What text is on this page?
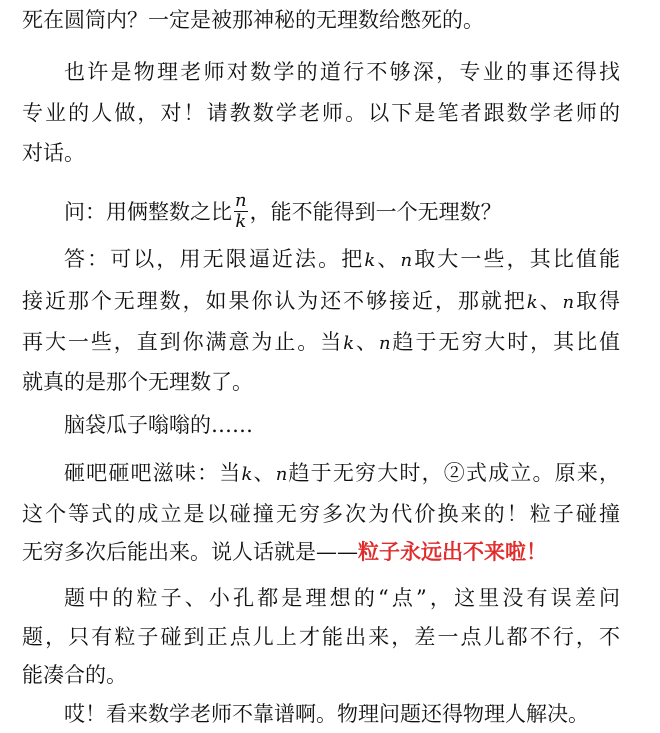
死在圆筒内？一定是被那神秘的无理数给憋死的。
也许是物理老师对数学的道行不够深，专业的事还得找
专业的人做，对！请教数学老师。以下是笔者跟数学老师的
对话。
问：用俩整数之比 $\frac{n}{k}$ ，能不能得到一个无理数？
答：可以，用无限逼近法。把k、n取大一些，其比值能
接近那个无理数，如果你认为还不够接近，那就把k、n取得
再大一些，直到你满意为止。当k、n趋于无穷大时，其比值
就真的是那个无理数了。
脑袋瓜子嗡嗡的……
砸吧砸吧滋味：当k、n趋于无穷大时，②式成立。原来，
这个等式的成立是以碰撞无穷多次为代价换来的！粒子碰撞
无穷多次后能出来。说人话就是——粒子永远出不来啦！
题中的粒子、小孔都是理想的“点”，这里没有误差问
题，只有粒子碰到正点儿上才能出来，差一点儿都不行，不
能凑合的。
哎！看来数学老师不靠谱啊。物理问题还得物理人解决。
